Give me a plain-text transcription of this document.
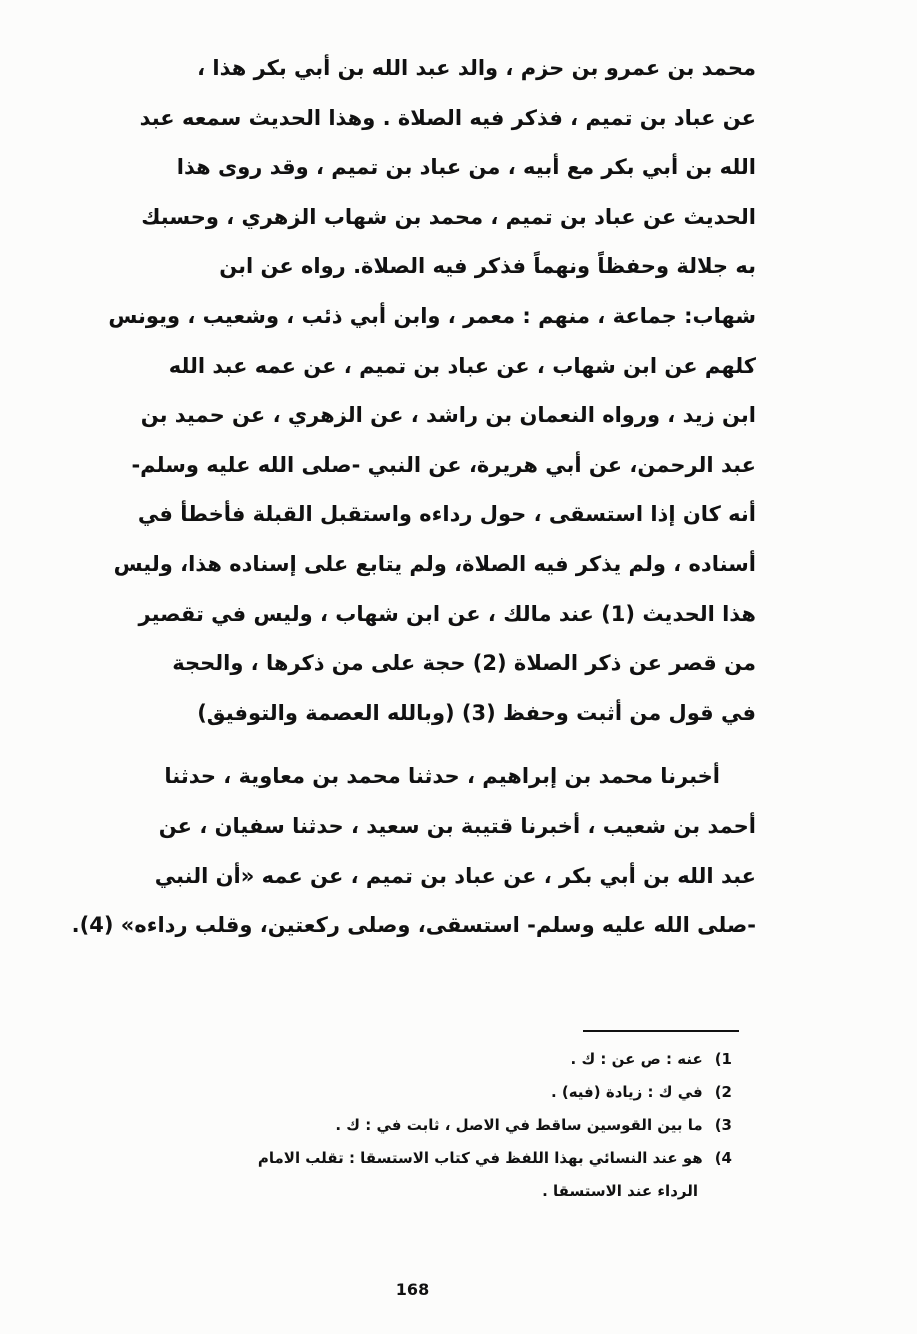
محمد بن عمرو بن حزم ، والد عبد الله بن أبي بكر هذا ،
عن عباد بن تميم ، فذكر فيه الصلاة . وهذا الحديث سمعه عبد
الله بن أبي بكر مع أبيه ، من عباد بن تميم ، وقد روى هذا
الحديث عن عباد بن تميم ، محمد بن شهاب الزهري ، وحسبك
به جلالة وحفظاً ونهماً فذكر فيه الصلاة. رواه عن ابن
شهاب: جماعة ، منهم : معمر ، وابن أبي ذئب ، وشعيب ، ويونس
كلهم عن ابن شهاب ، عن عباد بن تميم ، عن عمه عبد الله
ابن زيد ، ورواه النعمان بن راشد ، عن الزهري ، عن حميد بن
عبد الرحمن، عن أبي هريرة، عن النبي -صلى الله عليه وسلم-
أنه كان إذا استسقى ، حول رداءه واستقبل القبلة فأخطأ في
أسناده ، ولم يذكر فيه الصلاة، ولم يتابع على إسناده هذا، وليس
هذا الحديث (1) عند مالك ، عن ابن شهاب ، وليس في تقصير
من قصر عن ذكر الصلاة (2) حجة على من ذكرها ، والحجة
في قول من أثبت وحفظ (3) (وبالله العصمة والتوفيق)
أخبرنا محمد بن إبراهيم ، حدثنا محمد بن معاوية ، حدثنا
أحمد بن شعيب ، أخبرنا قتيبة بن سعيد ، حدثنا سفيان ، عن
عبد الله بن أبي بكر ، عن عباد بن تميم ، عن عمه «أن النبي
-صلى الله عليه وسلم- استسقى، وصلى ركعتين، وقلب رداءه» (4).
(1عنه : ص عن : ك .
(2في ك : زيادة (فيه) .
(3ما بين القوسين ساقط في الاصل ، ثابت في : ك .
(4هو عند النسائي بهذا اللفظ في كتاب الاستسقا : تقلب الامام
الرداء عند الاستسقا .
168
